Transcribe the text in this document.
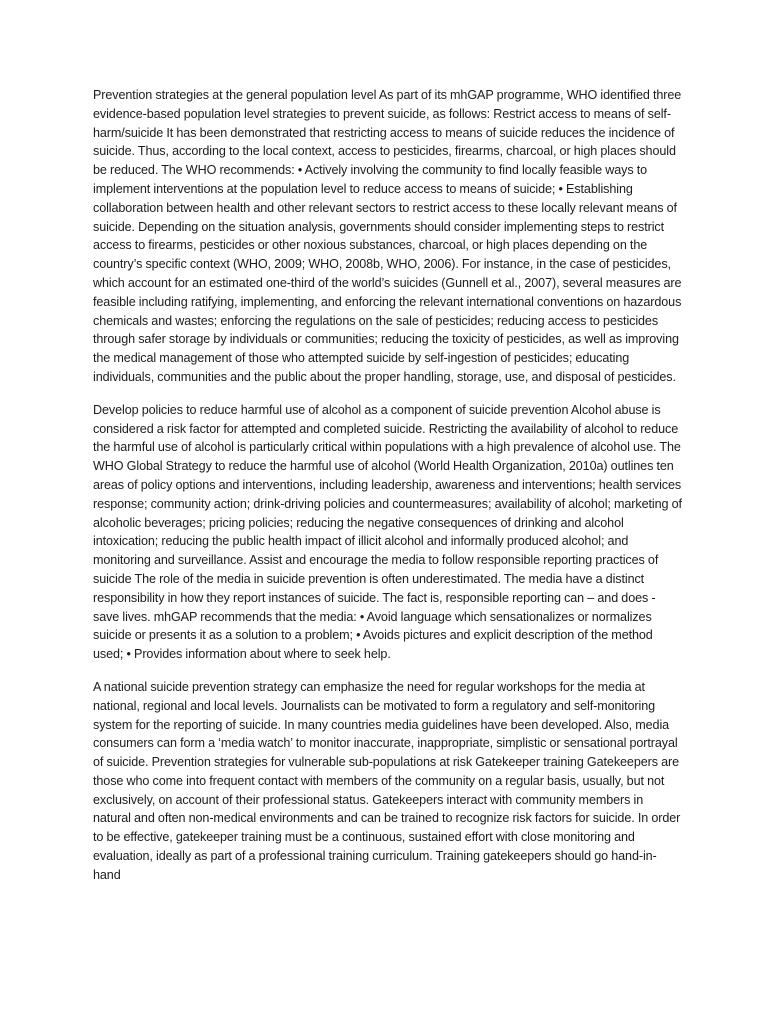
Prevention strategies at the general population level As part of its mhGAP programme, WHO identified three evidence-based population level strategies to prevent suicide, as follows: Restrict access to means of self-harm/suicide It has been demonstrated that restricting access to means of suicide reduces the incidence of suicide. Thus, according to the local context, access to pesticides, firearms, charcoal, or high places should be reduced. The WHO recommends: • Actively involving the community to find locally feasible ways to implement interventions at the population level to reduce access to means of suicide; • Establishing collaboration between health and other relevant sectors to restrict access to these locally relevant means of suicide. Depending on the situation analysis, governments should consider implementing steps to restrict access to firearms, pesticides or other noxious substances, charcoal, or high places depending on the country’s specific context (WHO, 2009; WHO, 2008b, WHO, 2006). For instance, in the case of pesticides, which account for an estimated one-third of the world’s suicides (Gunnell et al., 2007), several measures are feasible including ratifying, implementing, and enforcing the relevant international conventions on hazardous chemicals and wastes; enforcing the regulations on the sale of pesticides; reducing access to pesticides through safer storage by individuals or communities; reducing the toxicity of pesticides, as well as improving the medical management of those who attempted suicide by self-ingestion of pesticides; educating individuals, communities and the public about the proper handling, storage, use, and disposal of pesticides.

Develop policies to reduce harmful use of alcohol as a component of suicide prevention Alcohol abuse is considered a risk factor for attempted and completed suicide. Restricting the availability of alcohol to reduce the harmful use of alcohol is particularly critical within populations with a high prevalence of alcohol use. The WHO Global Strategy to reduce the harmful use of alcohol (World Health Organization, 2010a) outlines ten areas of policy options and interventions, including leadership, awareness and interventions; health services response; community action; drink-driving policies and countermeasures; availability of alcohol; marketing of alcoholic beverages; pricing policies; reducing the negative consequences of drinking and alcohol intoxication; reducing the public health impact of illicit alcohol and informally produced alcohol; and monitoring and surveillance. Assist and encourage the media to follow responsible reporting practices of suicide The role of the media in suicide prevention is often underestimated. The media have a distinct responsibility in how they report instances of suicide. The fact is, responsible reporting can – and does - save lives. mhGAP recommends that the media: • Avoid language which sensationalizes or normalizes suicide or presents it as a solution to a problem; • Avoids pictures and explicit description of the method used; • Provides information about where to seek help.

A national suicide prevention strategy can emphasize the need for regular workshops for the media at national, regional and local levels. Journalists can be motivated to form a regulatory and self-monitoring system for the reporting of suicide. In many countries media guidelines have been developed. Also, media consumers can form a ‘media watch’ to monitor inaccurate, inappropriate, simplistic or sensational portrayal of suicide. Prevention strategies for vulnerable sub-populations at risk Gatekeeper training Gatekeepers are those who come into frequent contact with members of the community on a regular basis, usually, but not exclusively, on account of their professional status. Gatekeepers interact with community members in natural and often non-medical environments and can be trained to recognize risk factors for suicide. In order to be effective, gatekeeper training must be a continuous, sustained effort with close monitoring and evaluation, ideally as part of a professional training curriculum. Training gatekeepers should go hand-in-hand
